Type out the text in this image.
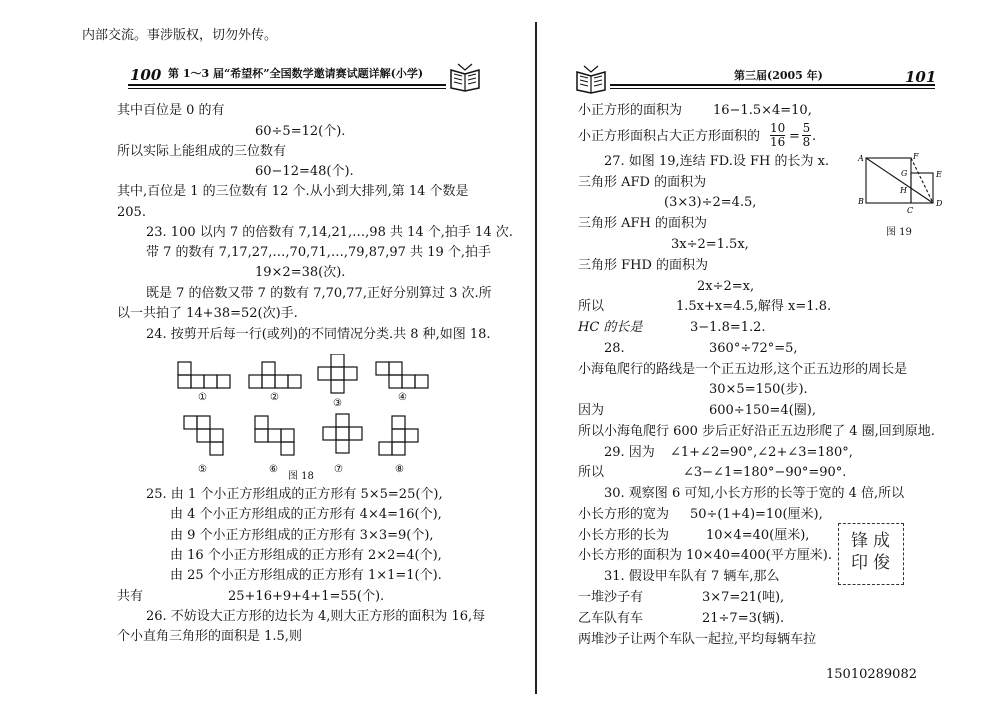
内部交流。事涉版权，切勿外传。
100 第 1～3 届“希望杯”全国数学邀请赛试题详解(小学)
其中百位是 0 的有
60÷5=12(个).
所以实际上能组成的三位数有
60−12=48(个).
其中,百位是 1 的三位数有 12 个.从小到大排列,第 14 个数是
205.
23. 100 以内 7 的倍数有 7,14,21,…,98 共 14 个,拍手 14 次.
带 7 的数有 7,17,27,…,70,71,…,79,87,97 共 19 个,拍手
19×2=38(次).
既是 7 的倍数又带 7 的数有 7,70,77,正好分别算过 3 次.所
以一共拍了 14+38=52(次)手.
24. 按剪开后每一行(或列)的不同情况分类.共 8 种,如图 18.
①	②
③
④
⑤	⑥	⑦	⑧
图 18
25. 由 1 个小正方形组成的正方形有 5×5=25(个),
由 4 个小正方形组成的正方形有 4×4=16(个),
由 9 个小正方形组成的正方形有 3×3=9(个),
由 16 个小正方形组成的正方形有 2×2=4(个),
由 25 个小正方形组成的正方形有 1×1=1(个).
共有	25+16+9+4+1=55(个).
26. 不妨设大正方形的边长为 4,则大正方形的面积为 16,每
个小直角三角形的面积是 1.5,则
第三届(2005 年)	101
小正方形的面积为 16−1.5×4=10,
小正方形面积占大正方形面积的
10
16 =
5
8 .
27. 如图 19,连结 FD.设 FH 的长为 x.
三角形 AFD 的面积为
(3×3)÷2=4.5,
三角形 AFH 的面积为
3x÷2=1.5x,
三角形 FHD 的面积为
2x÷2=x,
所以	1.5x+x=4.5,解得 x=1.8.
HC 的长是	3−1.8=1.2.
A	F
G	E
H
B
C
D
图 19
28.	360°÷72°=5,
小海龟爬行的路线是一个正五边形,这个正五边形的周长是
30×5=150(步).
因为	600÷150=4(圈),
所以小海龟爬行 600 步后正好沿正五边形爬了 4 圈,回到原地.
29. 因为 ∠1+∠2=90°,∠2+∠3=180°,
所以	∠3−∠1=180°−90°=90°.
30. 观察图 6 可知,小长方形的长等于宽的 4 倍,所以
小长方形的宽为 50÷(1+4)=10(厘米),
小长方形的长为	10×4=40(厘米),
小长方形的面积为 10×40=400(平方厘米).
31. 假设甲车队有 7 辆车,那么
一堆沙子有	3×7=21(吨),
乙车队有车	21÷7=3(辆).
两堆沙子让两个车队一起拉,平均每辆车拉
锋 成
印 俊
15010289082
